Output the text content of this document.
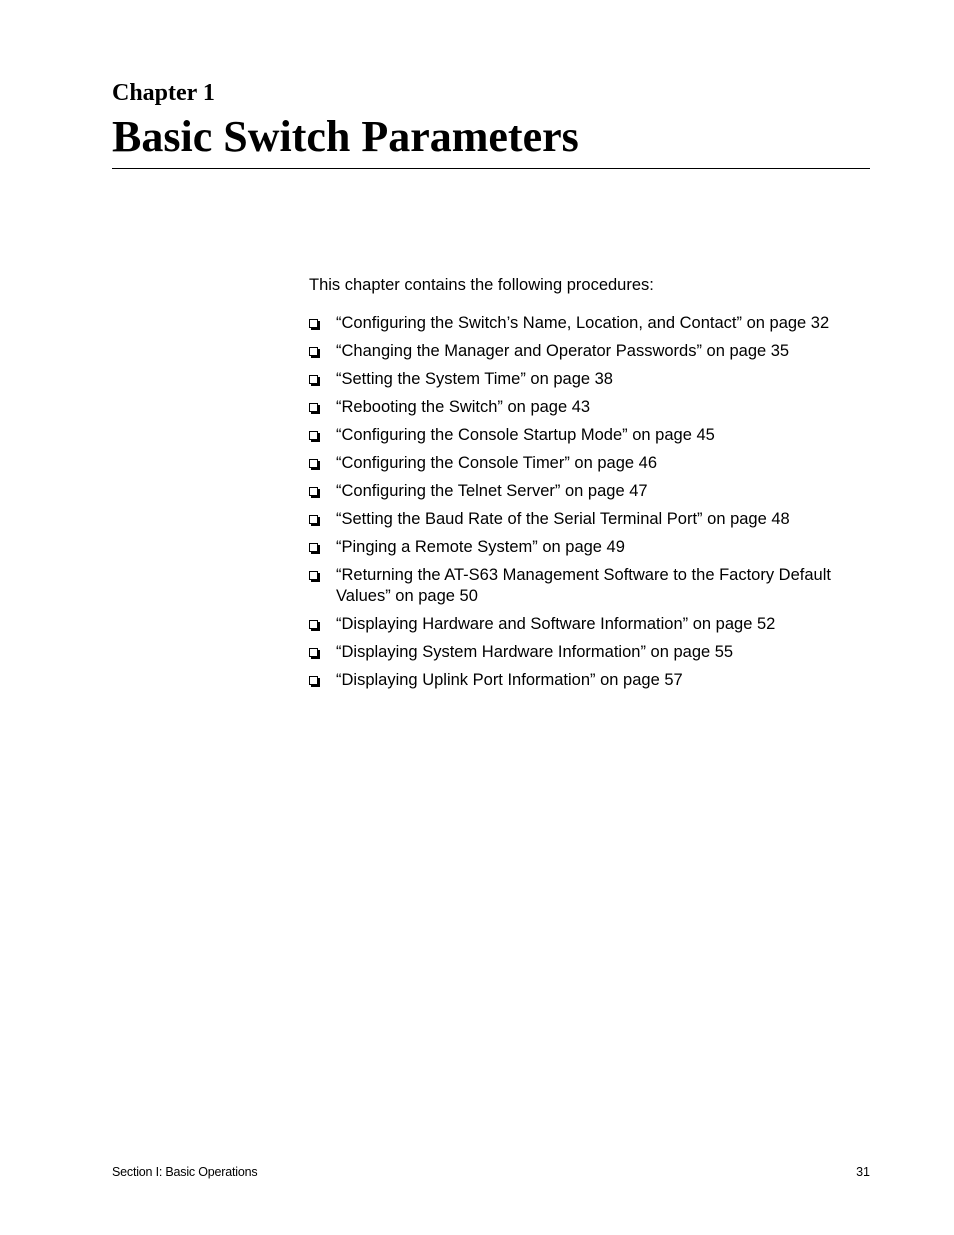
Chapter 1
Basic Switch Parameters

This chapter contains the following procedures:

“Configuring the Switch’s Name, Location, and Contact” on page 32
“Changing the Manager and Operator Passwords” on page 35
“Setting the System Time” on page 38
“Rebooting the Switch” on page 43
“Configuring the Console Startup Mode” on page 45
“Configuring the Console Timer” on page 46
“Configuring the Telnet Server” on page 47
“Setting the Baud Rate of the Serial Terminal Port” on page 48
“Pinging a Remote System” on page 49
“Returning the AT-S63 Management Software to the Factory Default Values” on page 50
“Displaying Hardware and Software Information” on page 52
“Displaying System Hardware Information” on page 55
“Displaying Uplink Port Information” on page 57
Section I: Basic Operations	31
